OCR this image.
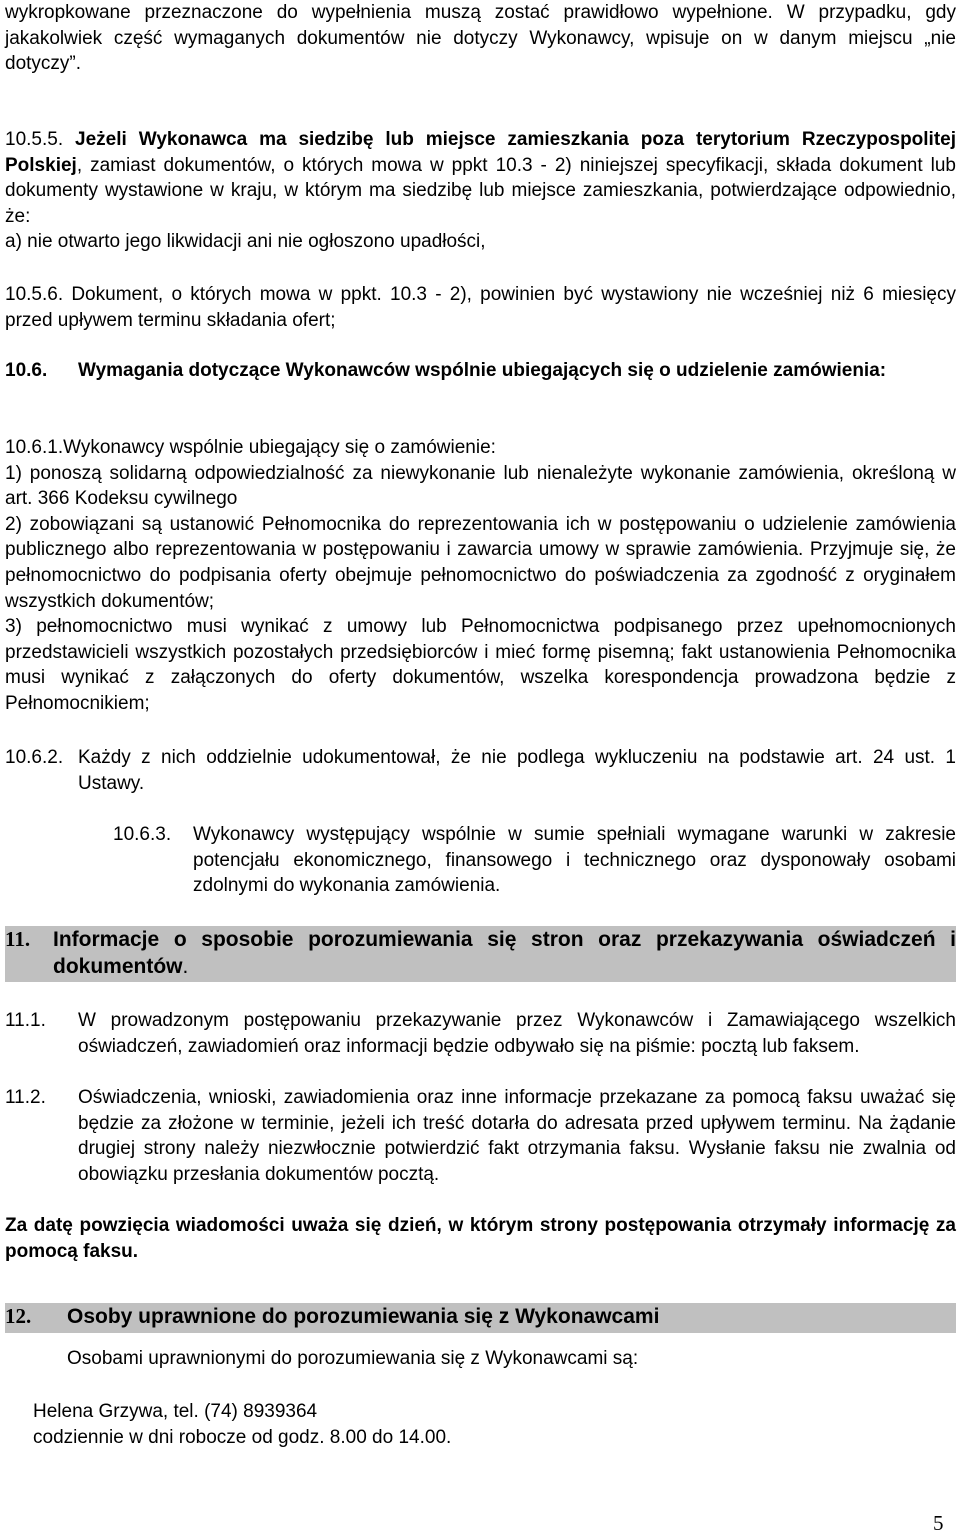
wykropkowane przeznaczone do wypełnienia muszą zostać prawidłowo wypełnione. W przypadku, gdy jakakolwiek część wymaganych dokumentów nie dotyczy Wykonawcy, wpisuje on w danym miejscu „nie dotyczy”.

10.5.5. Jeżeli Wykonawca ma siedzibę lub miejsce zamieszkania poza terytorium Rzeczypospolitej Polskiej, zamiast dokumentów, o których mowa w ppkt 10.3 - 2) niniejszej specyfikacji, składa dokument lub dokumenty wystawione w kraju, w którym ma siedzibę lub miejsce zamieszkania, potwierdzające odpowiednio, że:

a) nie otwarto jego likwidacji ani nie ogłoszono upadłości,

10.5.6. Dokument, o których mowa w ppkt. 10.3 - 2), powinien być wystawiony nie wcześniej niż 6 miesięcy przed upływem terminu składania ofert;

10.6.	Wymagania dotyczące Wykonawców wspólnie ubiegających się o udzielenie zamówienia:

10.6.1.Wykonawcy wspólnie ubiegający się o zamówienie:

1) ponoszą solidarną odpowiedzialność za niewykonanie lub nienależyte wykonanie zamówienia, określoną w art. 366 Kodeksu cywilnego

2) zobowiązani są ustanowić Pełnomocnika do reprezentowania ich w postępowaniu o udzielenie zamówienia publicznego albo reprezentowania w postępowaniu i zawarcia umowy w sprawie zamówienia. Przyjmuje się, że pełnomocnictwo do podpisania oferty obejmuje pełnomocnictwo do poświadczenia za zgodność z oryginałem wszystkich dokumentów;

3) pełnomocnictwo musi wynikać z umowy lub Pełnomocnictwa podpisanego przez upełnomocnionych przedstawicieli wszystkich pozostałych przedsiębiorców i mieć formę pisemną; fakt ustanowienia Pełnomocnika musi wynikać z załączonych do oferty dokumentów, wszelka korespondencja prowadzona będzie z Pełnomocnikiem;

10.6.2. Każdy z nich oddzielnie udokumentował, że nie podlega wykluczeniu na podstawie art. 24 ust. 1 Ustawy.
10.6.3.	Wykonawcy występujący wspólnie w sumie spełniali wymagane warunki w zakresie potencjału ekonomicznego, finansowego i technicznego oraz dysponowały osobami zdolnymi do wykonania zamówienia.
11.	Informacje o sposobie porozumiewania się stron oraz przekazywania oświadczeń i dokumentów.
11.1.	W prowadzonym postępowaniu przekazywanie przez Wykonawców i Zamawiającego wszelkich oświadczeń, zawiadomień oraz informacji będzie odbywało się na piśmie: pocztą lub faksem.
11.2.	Oświadczenia, wnioski, zawiadomienia oraz inne informacje przekazane za pomocą faksu uważać się będzie za złożone w terminie, jeżeli ich treść dotarła do adresata przed upływem terminu. Na żądanie drugiej strony należy niezwłocznie potwierdzić fakt otrzymania faksu. Wysłanie faksu nie zwalnia od obowiązku przesłania dokumentów pocztą.

Za datę powzięcia wiadomości uważa się dzień, w którym strony postępowania otrzymały informację za pomocą faksu.

12.	Osoby uprawnione do porozumiewania się z Wykonawcami

Osobami uprawnionymi do porozumiewania się z Wykonawcami są:

Helena Grzywa, tel. (74) 8939364

codziennie w dni robocze od godz. 8.00 do 14.00.

5
